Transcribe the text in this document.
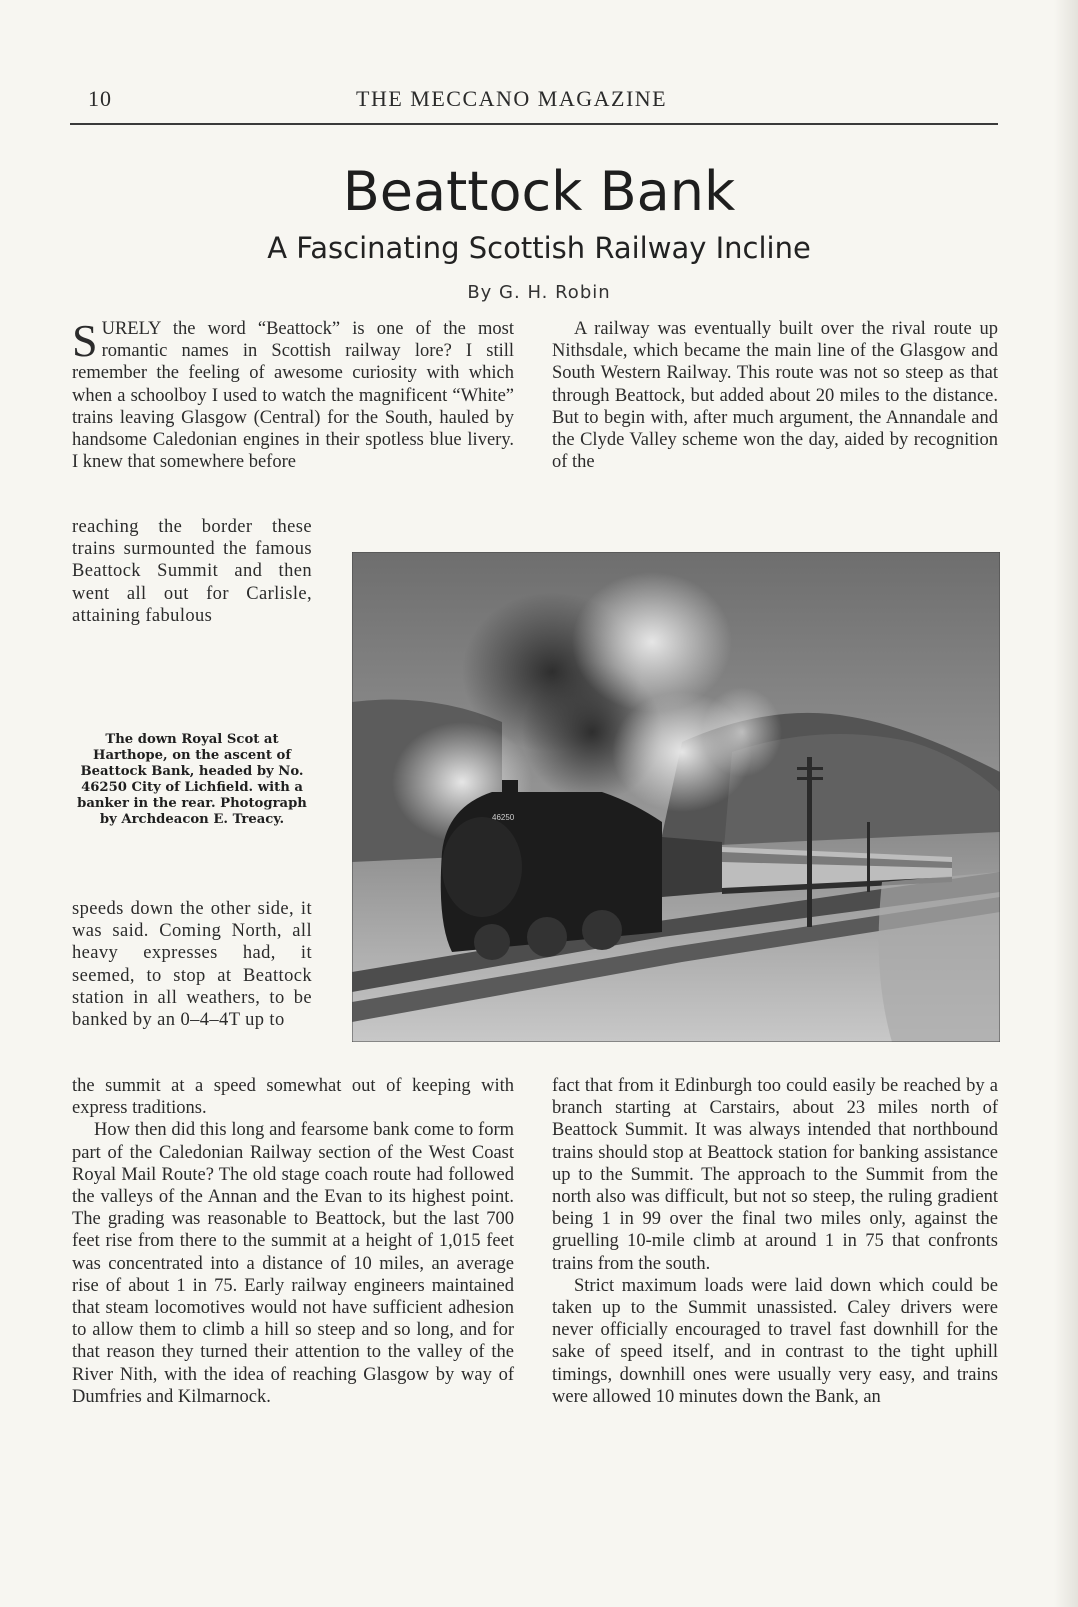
10	THE MECCANO MAGAZINE
Beattock Bank
A Fascinating Scottish Railway Incline
By G. H. Robin

SURELY the word “Beattock” is one of the most romantic names in Scottish railway lore? I still remember the feeling of awesome curiosity with which when a schoolboy I used to watch the magnificent “White” trains leaving Glasgow (Central) for the South, hauled by handsome Caledonian engines in their spotless blue livery. I knew that somewhere before

reaching the border these trains surmounted the famous Beattock Summit and then went all out for Carlisle, attaining fabulous

The down Royal Scot at Harthope, on the ascent of Beattock Bank, headed by No. 46250 City of Lichfield. with a banker in the rear. Photograph by Archdeacon E. Treacy.

speeds down the other side, it was said. Coming North, all heavy expresses had, it seemed, to stop at Beattock station in all weathers, to be banked by an 0–4–4T up to

the summit at a speed somewhat out of keeping with express traditions.

How then did this long and fearsome bank come to form part of the Caledonian Railway section of the West Coast Royal Mail Route? The old stage coach route had followed the valleys of the Annan and the Evan to its highest point. The grading was reasonable to Beattock, but the last 700 feet rise from there to the summit at a height of 1,015 feet was concentrated into a distance of 10 miles, an average rise of about 1 in 75. Early railway engineers maintained that steam locomotives would not have sufficient adhesion to allow them to climb a hill so steep and so long, and for that reason they turned their attention to the valley of the River Nith, with the idea of reaching Glasgow by way of Dumfries and Kilmarnock.

A railway was eventually built over the rival route up Nithsdale, which became the main line of the Glasgow and South Western Railway. This route was not so steep as that through Beattock, but added about 20 miles to the distance. But to begin with, after much argument, the Annandale and the Clyde Valley scheme won the day, aided by recognition of the

fact that from it Edinburgh too could easily be reached by a branch starting at Carstairs, about 23 miles north of Beattock Summit. It was always intended that northbound trains should stop at Beattock station for banking assistance up to the Summit. The approach to the Summit from the north also was difficult, but not so steep, the ruling gradient being 1 in 99 over the final two miles only, against the gruelling 10-mile climb at around 1 in 75 that confronts trains from the south.

Strict maximum loads were laid down which could be taken up to the Summit unassisted. Caley drivers were never officially encouraged to travel fast downhill for the sake of speed itself, and in contrast to the tight uphill timings, downhill ones were usually very easy, and trains were allowed 10 minutes down the Bank, an

46250
